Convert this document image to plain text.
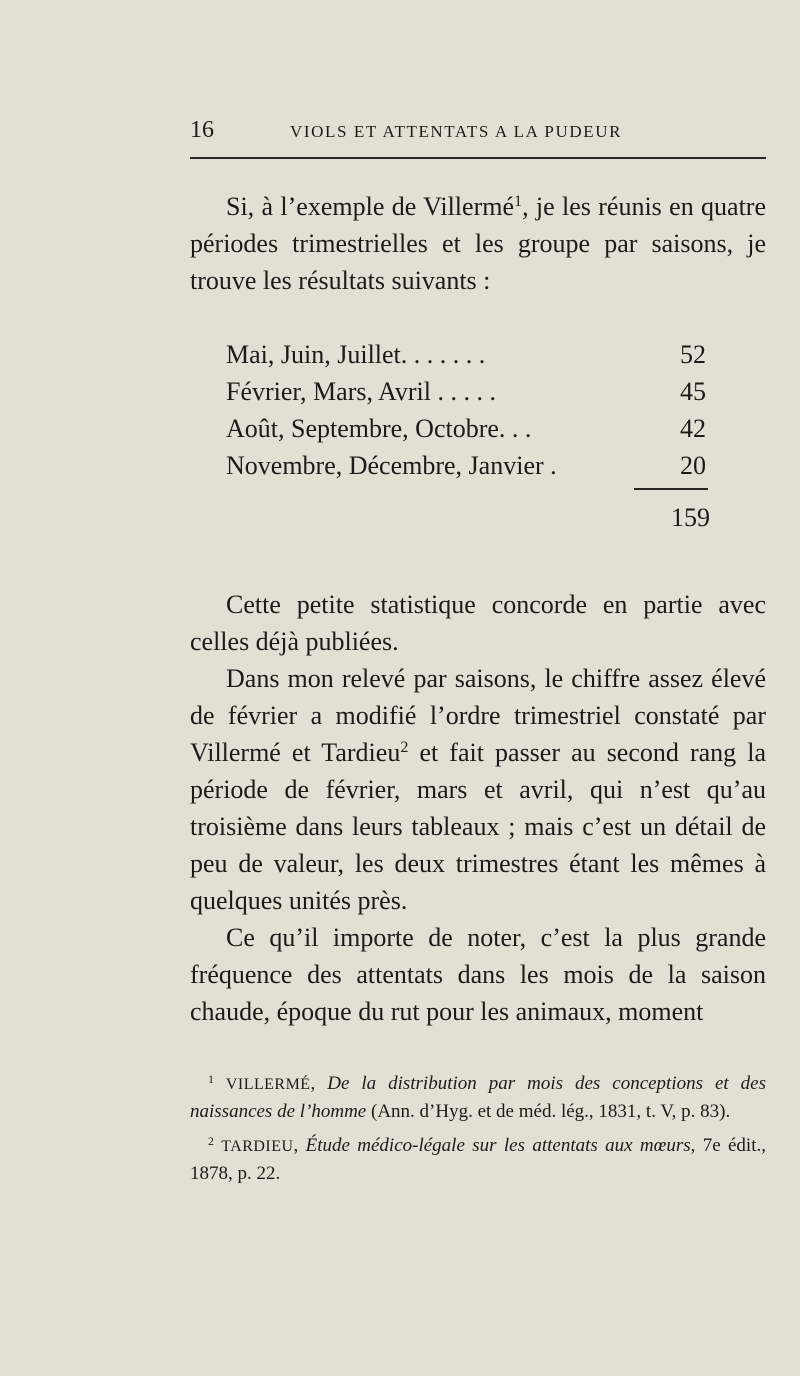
16	VIOLS ET ATTENTATS A LA PUDEUR

Si, à l’exemple de Villermé$^1$, je les réunis en quatre périodes trimestrielles et les groupe par saisons, je trouve les résultats suivants :

Mai, Juin, Juillet. . . . . . .	52
Février, Mars, Avril . . . . .	45
Août, Septembre, Octobre. . .	42
Novembre, Décembre, Janvier .	20
159

Cette petite statistique concorde en partie avec celles déjà publiées.

Dans mon relevé par saisons, le chiffre assez élevé de février a modifié l’ordre trimestriel constaté par Villermé et Tardieu$^2$ et fait passer au second rang la période de février, mars et avril, qui n’est qu’au troisième dans leurs tableaux ; mais c’est un détail de peu de valeur, les deux trimestres étant les mêmes à quelques unités près.

Ce qu’il importe de noter, c’est la plus grande fréquence des attentats dans les mois de la saison chaude, époque du rut pour les animaux, moment

$^1$ VILLERMÉ, De la distribution par mois des conceptions et des naissances de l’homme (Ann. d’Hyg. et de méd. lég., 1831, t. V, p. 83).

$^2$ TARDIEU, Étude médico-légale sur les attentats aux mœurs, 7e édit., 1878, p. 22.
